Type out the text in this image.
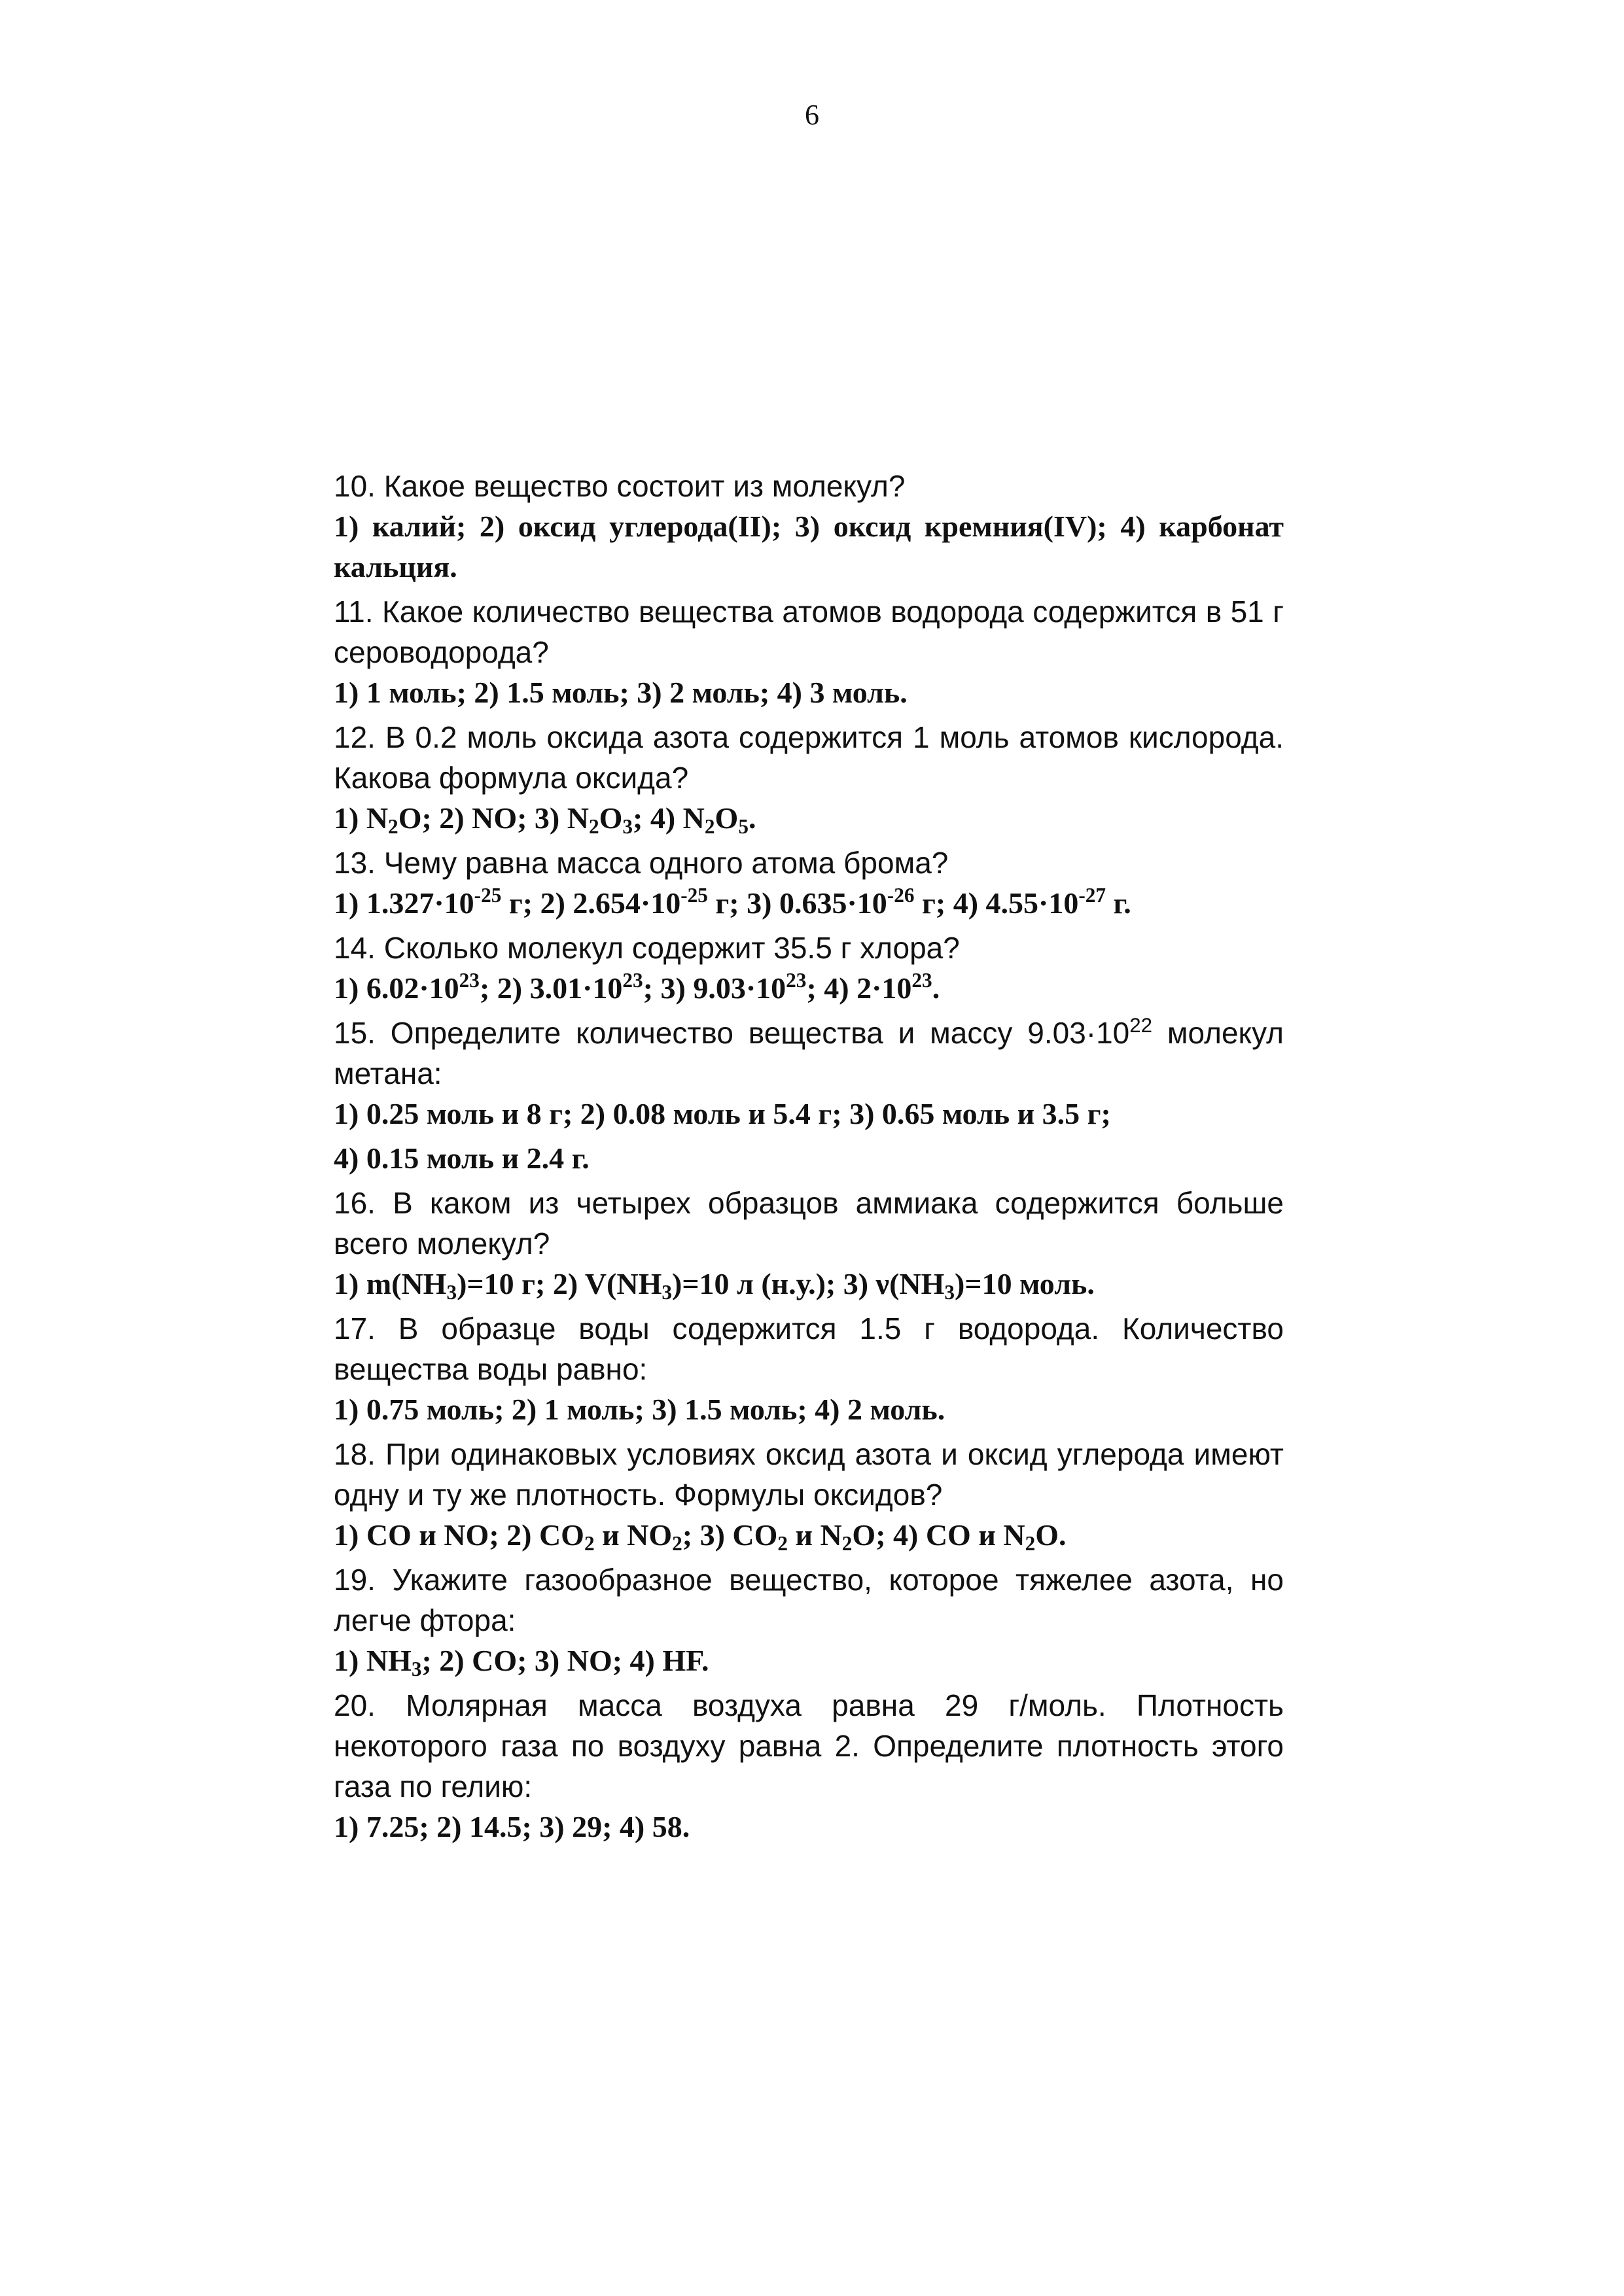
6

10. Какое вещество состоит из молекул?

1) калий; 2) оксид углерода(II); 3) оксид кремния(IV); 4) карбонат кальция.

11. Какое количество вещества атомов водорода содержится в 51 г сероводорода?

1) 1 моль; 2) 1.5 моль; 3) 2 моль; 4) 3 моль.

12. В 0.2 моль оксида азота содержится 1 моль атомов кислорода. Какова формула оксида?

1) $N_2O$; 2) NO; 3) $N_2O_3$; 4) $N_2O_5$.

13. Чему равна масса одного атома брома?

1) $1.327\cdot 10^{-25}$ г; 2) $2.654\cdot 10^{-25}$ г; 3) $0.635\cdot 10^{-26}$ г; 4) $4.55\cdot 10^{-27}$ г.

14. Сколько молекул содержит 35.5 г хлора?

1) $6.02\cdot 10^{23}$; 2) $3.01\cdot 10^{23}$; 3) $9.03\cdot 10^{23}$; 4) $2\cdot 10^{23}$.

15. Определите количество вещества и массу $9.03\cdot 10^{22}$ молекул метана:

1) 0.25 моль и 8 г; 2) 0.08 моль и 5.4 г; 3) 0.65 моль и 3.5 г;

4) 0.15 моль и 2.4 г.

16. В каком из четырех образцов аммиака содержится больше всего молекул?

1) $m(NH_3)=10$ г; 2) $V(NH_3)=10$ л (н.у.); 3) $\nu(NH_3)=10$ моль.

17. В образце воды содержится 1.5 г водорода. Количество вещества воды равно:

1) 0.75 моль; 2) 1 моль; 3) 1.5 моль; 4) 2 моль.

18. При одинаковых условиях оксид азота и оксид углерода имеют одну и ту же плотность. Формулы оксидов?

1) CO и NO; 2) $CO_2$ и $NO_2$; 3) $CO_2$ и $N_2O$; 4) CO и $N_2O$.

19. Укажите газообразное вещество, которое тяжелее азота, но легче фтора:

1) $NH_3$; 2) CO; 3) NO; 4) HF.

20. Молярная масса воздуха равна 29 г/моль. Плотность некоторого газа по воздуху равна 2. Определите плотность этого газа по гелию:

1) 7.25; 2) 14.5; 3) 29; 4) 58.
